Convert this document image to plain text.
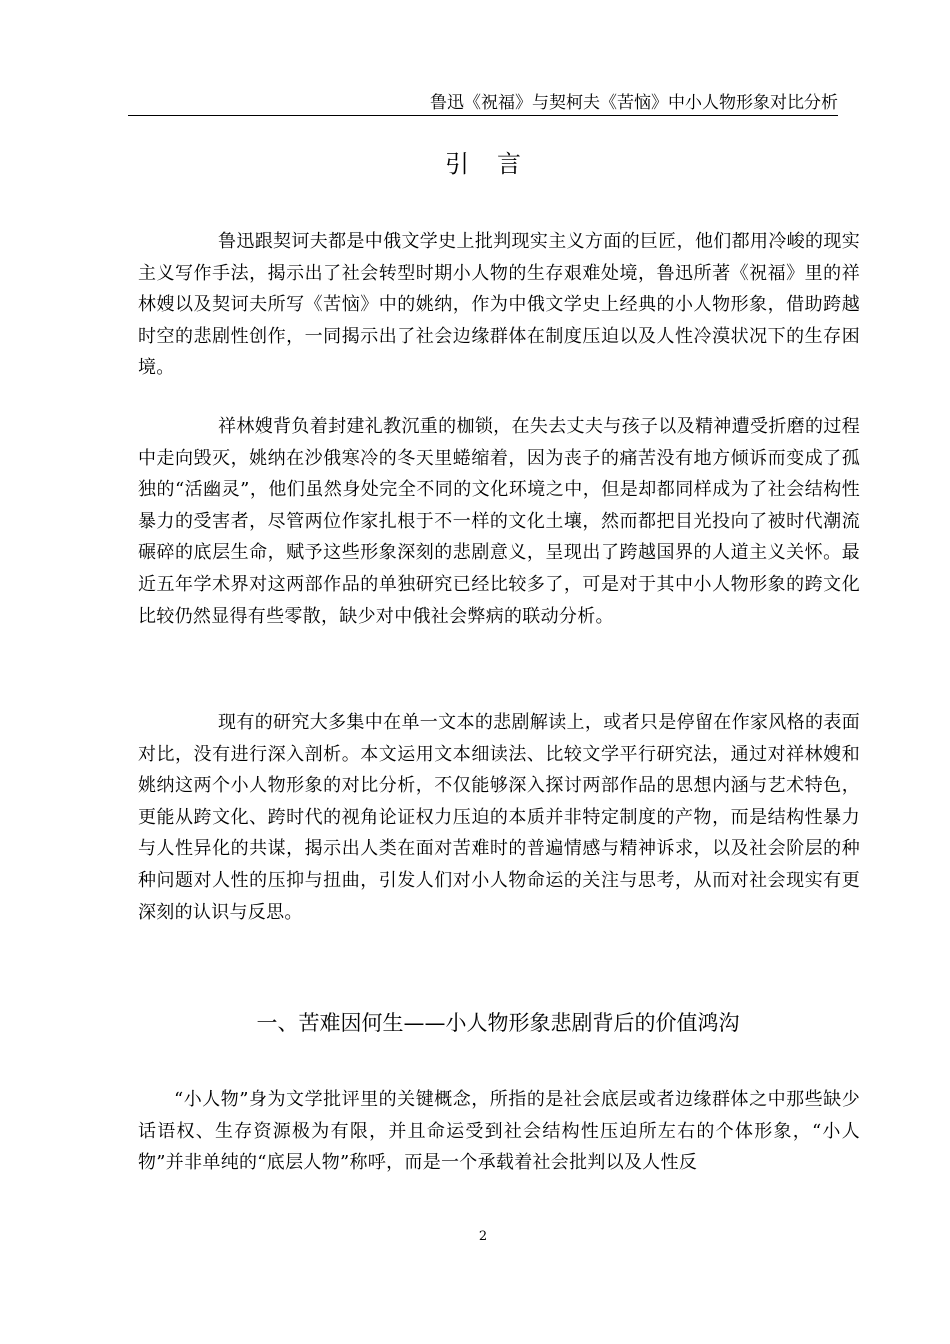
鲁迅《祝福》与契柯夫《苦恼》中小人物形象对比分析
引言

鲁迅跟契诃夫都是中俄文学史上批判现实主义方面的巨匠，他们都用冷峻的现实主义写作手法，揭示出了社会转型时期小人物的生存艰难处境，鲁迅所著《祝福》里的祥林嫂以及契诃夫所写《苦恼》中的姚纳，作为中俄文学史上经典的小人物形象，借助跨越时空的悲剧性创作，一同揭示出了社会边缘群体在制度压迫以及人性冷漠状况下的生存困境。

祥林嫂背负着封建礼教沉重的枷锁，在失去丈夫与孩子以及精神遭受折磨的过程中走向毁灭，姚纳在沙俄寒冷的冬天里蜷缩着，因为丧子的痛苦没有地方倾诉而变成了孤独的“活幽灵”，他们虽然身处完全不同的文化环境之中，但是却都同样成为了社会结构性暴力的受害者，尽管两位作家扎根于不一样的文化土壤，然而都把目光投向了被时代潮流碾碎的底层生命，赋予这些形象深刻的悲剧意义，呈现出了跨越国界的人道主义关怀。最近五年学术界对这两部作品的单独研究已经比较多了，可是对于其中小人物形象的跨文化比较仍然显得有些零散，缺少对中俄社会弊病的联动分析。

现有的研究大多集中在单一文本的悲剧解读上，或者只是停留在作家风格的表面对比，没有进行深入剖析。本文运用文本细读法、比较文学平行研究法，通过对祥林嫂和姚纳这两个小人物形象的对比分析，不仅能够深入探讨两部作品的思想内涵与艺术特色，更能从跨文化、跨时代的视角论证权力压迫的本质并非特定制度的产物，而是结构性暴力与人性异化的共谋，揭示出人类在面对苦难时的普遍情感与精神诉求，以及社会阶层的种种问题对人性的压抑与扭曲，引发人们对小人物命运的关注与思考，从而对社会现实有更深刻的认识与反思。

一、苦难因何生——小人物形象悲剧背后的价值鸿沟

“小人物”身为文学批评里的关键概念，所指的是社会底层或者边缘群体之中那些缺少话语权、生存资源极为有限，并且命运受到社会结构性压迫所左右的个体形象，“小人物”并非单纯的“底层人物”称呼，而是一个承载着社会批判以及人性反

2
